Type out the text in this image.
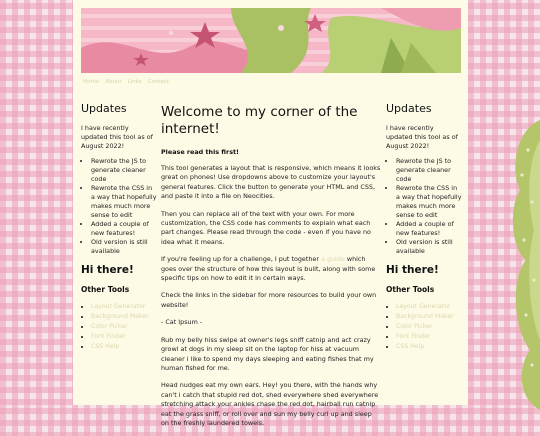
Home About Links Contact
Updates

I have recently updated this tool as of August 2022!

• Rewrote the JS to generate cleaner code
• Rewrote the CSS in a way that hopefully makes much more sense to edit
• Added a couple of new features!
• Old version is still available
Hi there!
Other Tools
• Layout Generator
• Background Maker
• Color Picker
• Font Finder
• CSS Help
Welcome to my corner of the internet!

Please read this first!

This tool generates a layout that is responsive, which means it looks great on phones! Use dropdowns above to customize your layout's general features. Click the button to generate your HTML and CSS, and paste it into a file on Neocities.

Then you can replace all of the text with your own. For more customization, the CSS code has comments to explain what each part changes. Please read through the code - even if you have no idea what it means.

If you're feeling up for a challenge, I put together a guide which goes over the structure of how this layout is built, along with some specific tips on how to edit it in certain ways.

Check the links in the sidebar for more resources to build your own website!

- Cat Ipsum -

Rub my belly hiss swipe at owner's legs sniff catnip and act crazy growl at dogs in my sleep sit on the laptop for hiss at vacuum cleaner i like to spend my days sleeping and eating fishes that my human fished for me.

Head nudges eat my own ears. Hey! you there, with the hands why can't i catch that stupid red dot, shed everywhere shed everywhere stretching attack your ankles chase the red dot, hairball run catnip eat the grass sniff, or roll over and sun my belly curl up and sleep on the freshly laundered towels.

Updates

I have recently updated this tool as of August 2022!

• Rewrote the JS to generate cleaner code
• Rewrote the CSS in a way that hopefully makes much more sense to edit
• Added a couple of new features!
• Old version is still available
Hi there!
Other Tools
• Layout Generator
• Background Maker
• Color Picker
• Font Finder
• CSS Help
